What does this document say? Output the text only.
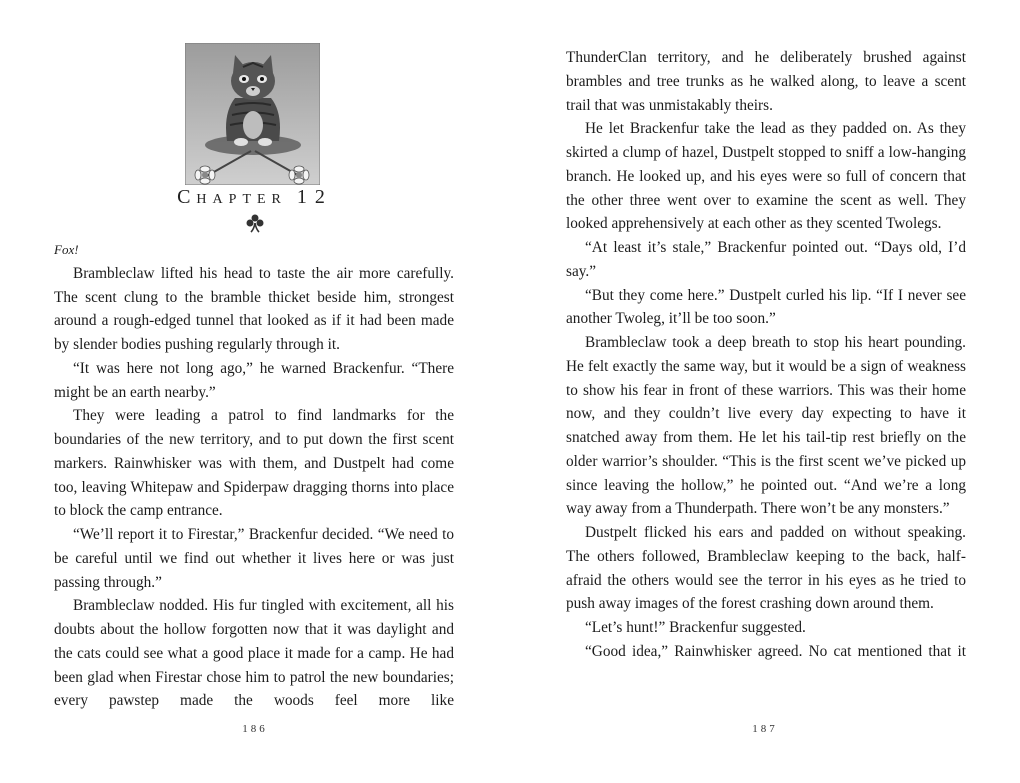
Chapter 12

Fox!

Brambleclaw lifted his head to taste the air more carefully. The scent clung to the bramble thicket beside him, strongest around a rough-edged tunnel that looked as if it had been made by slender bodies pushing regularly through it.

“It was here not long ago,” he warned Brackenfur. “There might be an earth nearby.”

They were leading a patrol to find landmarks for the boundaries of the new territory, and to put down the first scent markers. Rainwhisker was with them, and Dustpelt had come too, leaving Whitepaw and Spiderpaw dragging thorns into place to block the camp entrance.

“We’ll report it to Firestar,” Brackenfur decided. “We need to be careful until we find out whether it lives here or was just passing through.”

Brambleclaw nodded. His fur tingled with excitement, all his doubts about the hollow forgotten now that it was daylight and the cats could see what a good place it made for a camp. He had been glad when Firestar chose him to patrol the new boundaries; every pawstep made the woods feel more like

186

ThunderClan territory, and he deliberately brushed against brambles and tree trunks as he walked along, to leave a scent trail that was unmistakably theirs.

He let Brackenfur take the lead as they padded on. As they skirted a clump of hazel, Dustpelt stopped to sniff a low-hanging branch. He looked up, and his eyes were so full of concern that the other three went over to examine the scent as well. They looked apprehensively at each other as they scented Twolegs.

“At least it’s stale,” Brackenfur pointed out. “Days old, I’d say.”

“But they come here.” Dustpelt curled his lip. “If I never see another Twoleg, it’ll be too soon.”

Brambleclaw took a deep breath to stop his heart pounding. He felt exactly the same way, but it would be a sign of weakness to show his fear in front of these warriors. This was their home now, and they couldn’t live every day expecting to have it snatched away from them. He let his tail-tip rest briefly on the older warrior’s shoulder. “This is the first scent we’ve picked up since leaving the hollow,” he pointed out. “And we’re a long way away from a Thunderpath. There won’t be any monsters.”

Dustpelt flicked his ears and padded on without speaking. The others followed, Brambleclaw keeping to the back, half-afraid the others would see the terror in his eyes as he tried to push away images of the forest crashing down around them.

“Let’s hunt!” Brackenfur suggested.

“Good idea,” Rainwhisker agreed. No cat mentioned that it

187
